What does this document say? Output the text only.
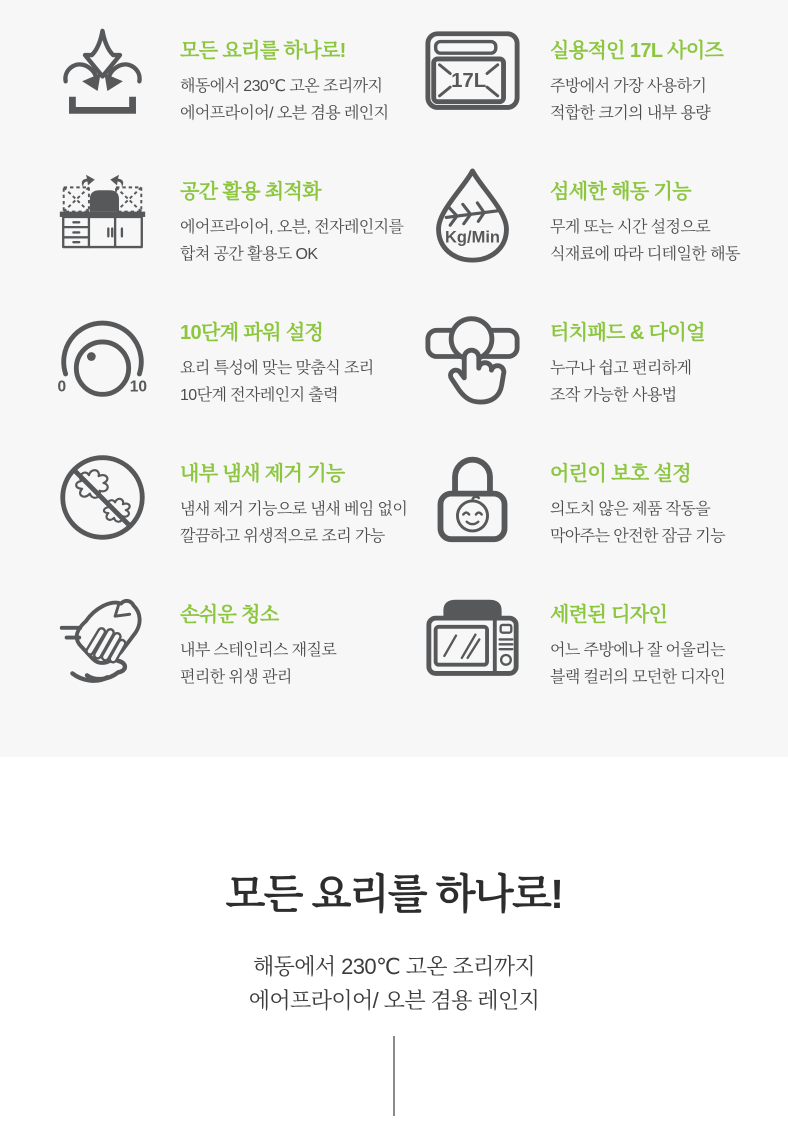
모든 요리를 하나로!
해동에서 230℃ 고온 조리까지
에어프라이어/ 오븐 겸용 레인지
17L
실용적인 17L 사이즈
주방에서 가장 사용하기
적합한 크기의 내부 용량
공간 활용 최적화
에어프라이어, 오븐, 전자레인지를
합쳐 공간 활용도 OK
Kg/Min
섬세한 해동 기능
무게 또는 시간 설정으로
식재료에 따라 디테일한 해동
0	10
10단계 파워 설정
요리 특성에 맞는 맞춤식 조리
10단계 전자레인지 출력
터치패드 & 다이얼
누구나 쉽고 편리하게
조작 가능한 사용법
내부 냄새 제거 기능
냄새 제거 기능으로 냄새 베임 없이
깔끔하고 위생적으로 조리 가능
어린이 보호 설정
의도치 않은 제품 작동을
막아주는 안전한 잠금 기능
손쉬운 청소
내부 스테인리스 재질로
편리한 위생 관리
세련된 디자인
어느 주방에나 잘 어울리는
블랙 컬러의 모던한 디자인
모든 요리를 하나로!

해동에서 230℃ 고온 조리까지
에어프라이어/ 오븐 겸용 레인지
